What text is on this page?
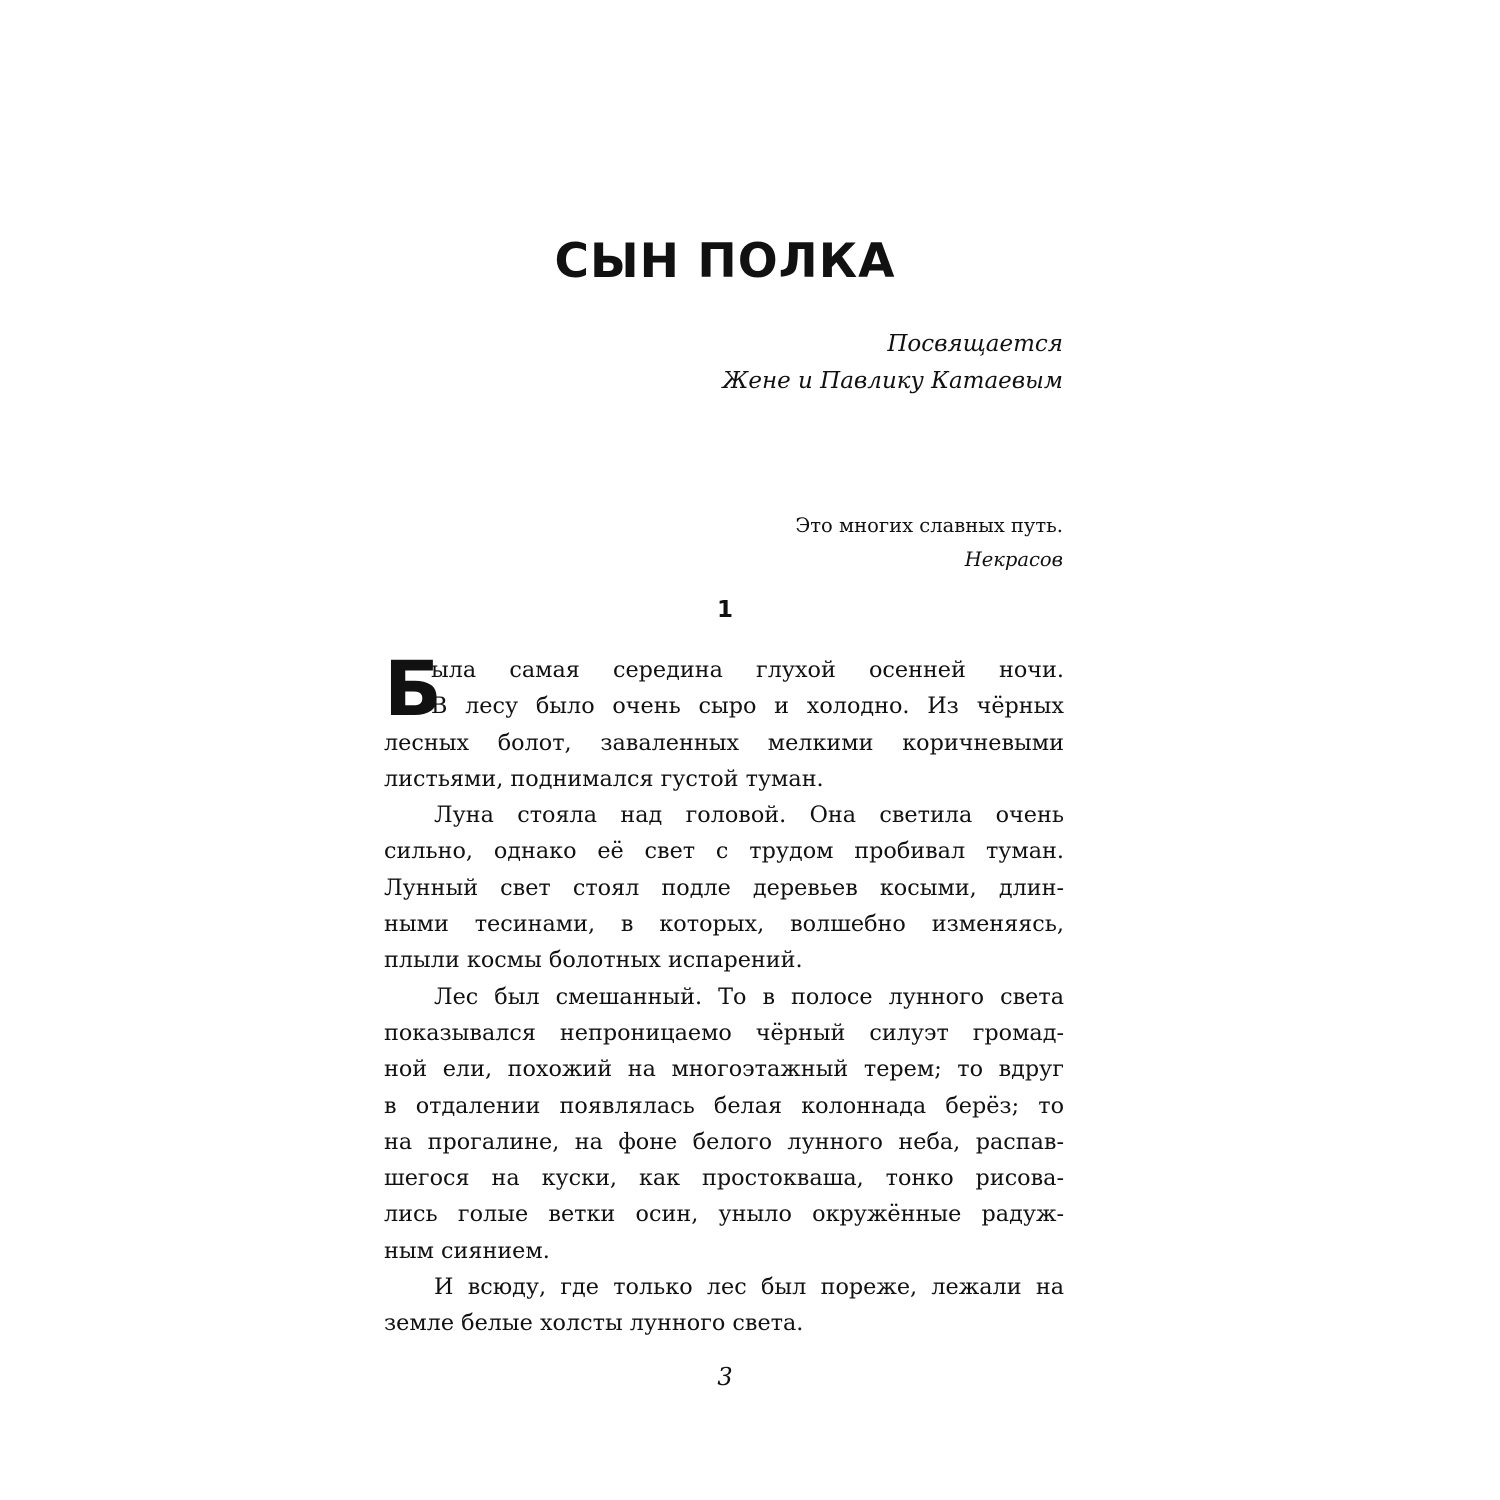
СЫН ПОЛКА
Посвящается
Жене и Павлику Катаевым
Это многих славных путь.
Некрасов
1
Б
ыла самая середина глухой осенней ночи.
В лесу было очень сыро и холодно. Из чёрных
лесных болот, заваленных мелкими коричневыми
листьями, поднимался густой туман.
Луна стояла над головой. Она светила очень
сильно, однако её свет с трудом пробивал туман.
Лунный свет стоял подле деревьев косыми, длин-
ными тесинами, в которых, волшебно изменяясь,
плыли космы болотных испарений.
Лес был смешанный. То в полосе лунного света
показывался непроницаемо чёрный силуэт громад-
ной ели, похожий на многоэтажный терем; то вдруг
в отдалении появлялась белая колоннада берёз; то
на прогалине, на фоне белого лунного неба, распав-
шегося на куски, как простокваша, тонко рисова-
лись голые ветки осин, уныло окружённые радуж-
ным сиянием.
И всюду, где только лес был пореже, лежали на
земле белые холсты лунного света.
3
